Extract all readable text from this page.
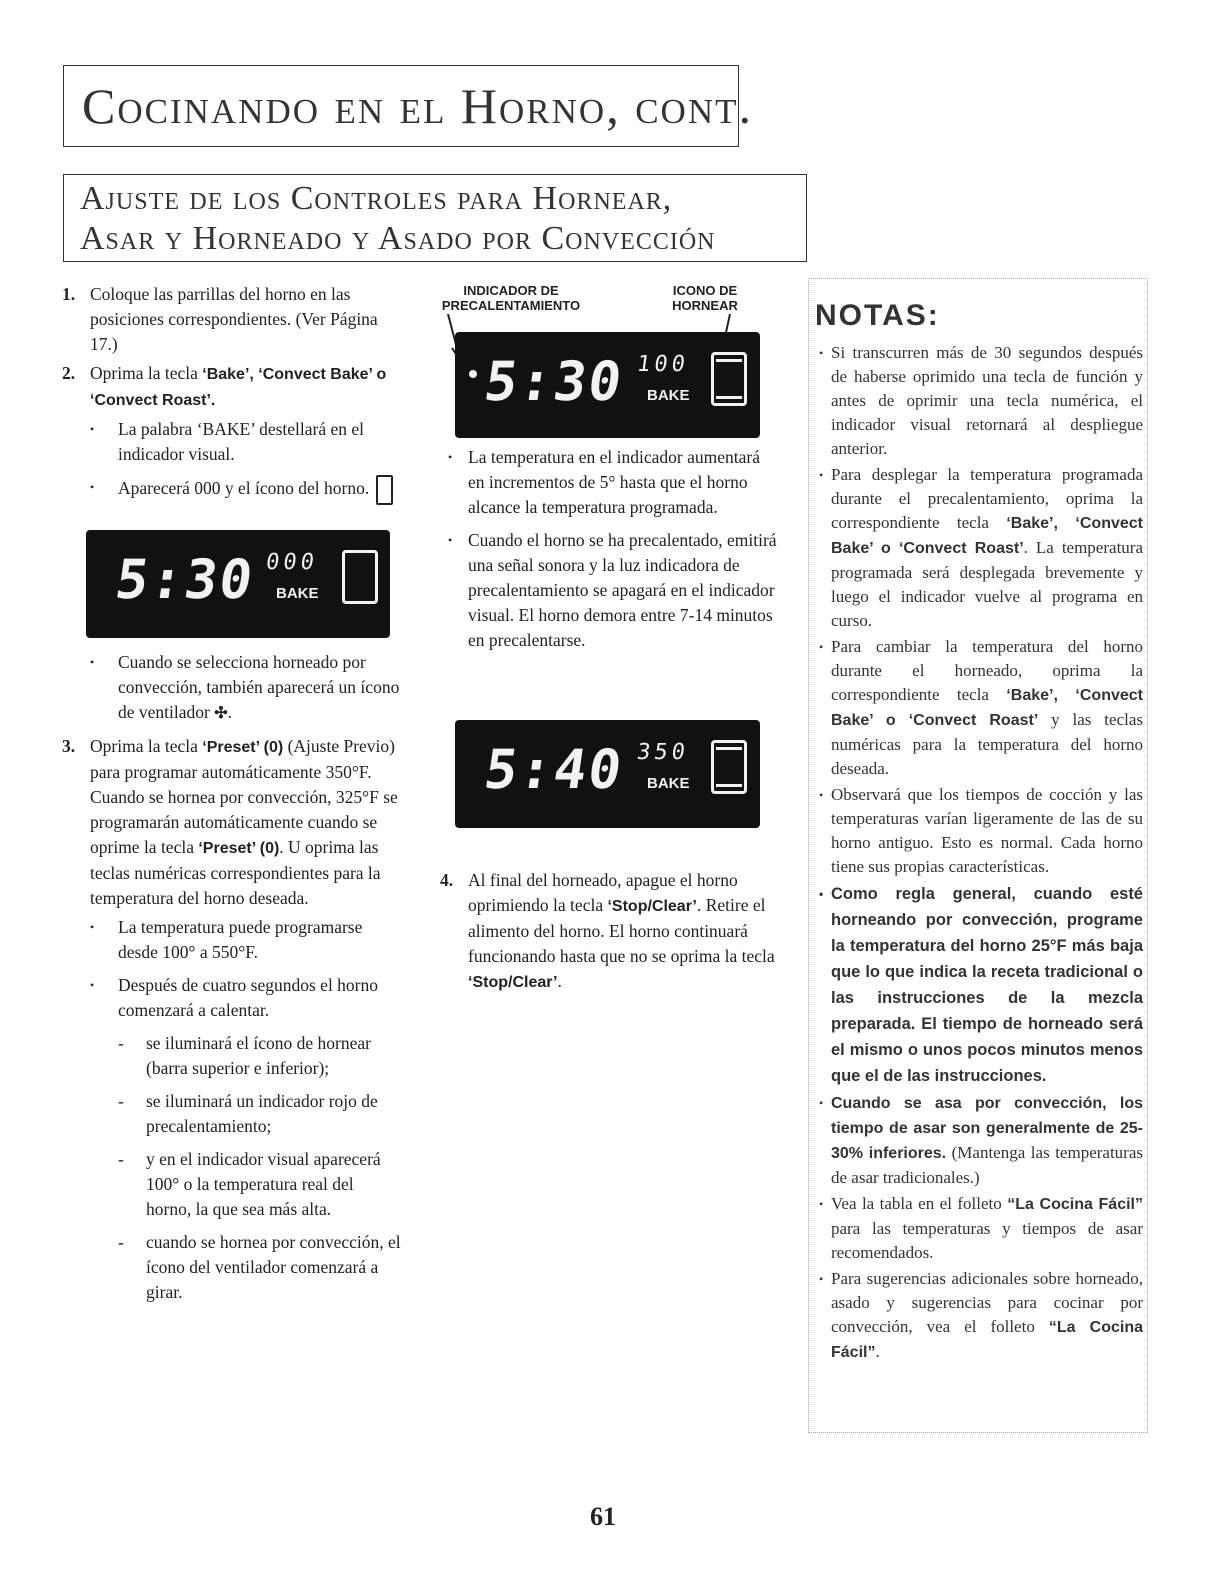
Cocinando en el Horno, cont.
Ajuste de los Controles para Hornear,
Asar y Horneado y Asado por Convección
1. Coloque las parrillas del horno en las posiciones correspondientes. (Ver Página 17.)
2. Oprima la tecla ‘Bake’, ‘Convect Bake’ o ‘Convect Roast’.
• La palabra ‘BAKE’ destellará en el indicador visual.
• Aparecerá 000 y el ícono del horno.
5:30 000
BAKE
• Cuando se selecciona horneado por convección, también aparecerá un ícono de ventilador ✣.
3. Oprima la tecla ‘Preset’ (0) (Ajuste Previo) para programar automáticamente 350°F. Cuando se hornea por convección, 325°F se programarán automáticamente cuando se oprime la tecla ‘Preset’ (0). U oprima las teclas numéricas correspondientes para la temperatura del horno deseada.
• La temperatura puede programarse desde 100° a 550°F.
• Después de cuatro segundos el horno comenzará a calentar.
- se iluminará el ícono de hornear (barra superior e inferior);
- se iluminará un indicador rojo de precalentamiento;
- y en el indicador visual aparecerá 100° o la temperatura real del horno, la que sea más alta.
- cuando se hornea por convección, el ícono del ventilador comenzará a girar.
INDICADOR DE PRECALENTAMIENTO
ICONO DE HORNEAR
5:30 100
BAKE
• La temperatura en el indicador aumentará en incrementos de 5° hasta que el horno alcance la temperatura programada.
• Cuando el horno se ha precalentado, emitirá una señal sonora y la luz indicadora de precalentamiento se apagará en el indicador visual. El horno demora entre 7-14 minutos en precalentarse.
5:40 350
BAKE
4. Al final del horneado, apague el horno oprimiendo la tecla ‘Stop/Clear’. Retire el alimento del horno. El horno continuará funcionando hasta que no se oprima la tecla ‘Stop/Clear’.
NOTAS:
• Si transcurren más de 30 segundos después de haberse oprimido una tecla de función y antes de oprimir una tecla numérica, el indicador visual retornará al despliegue anterior.
• Para desplegar la temperatura programada durante el precalentamiento, oprima la correspondiente tecla ‘Bake’, ‘Convect Bake’ o ‘Convect Roast’. La temperatura programada será desplegada brevemente y luego el indicador vuelve al programa en curso.
• Para cambiar la temperatura del horno durante el horneado, oprima la correspondiente tecla ‘Bake’, ‘Convect Bake’ o ‘Convect Roast’ y las teclas numéricas para la temperatura del horno deseada.
• Observará que los tiempos de cocción y las temperaturas varían ligeramente de las de su horno antiguo. Esto es normal. Cada horno tiene sus propias características.
• Como regla general, cuando esté horneando por convección, programe la temperatura del horno 25°F más baja que lo que indica la receta tradicional o las instrucciones de la mezcla preparada. El tiempo de horneado será el mismo o unos pocos minutos menos que el de las instrucciones.
• Cuando se asa por convección, los tiempo de asar son generalmente de 25-30% inferiores. (Mantenga las temperaturas de asar tradicionales.)
• Vea la tabla en el folleto “La Cocina Fácil” para las temperaturas y tiempos de asar recomendados.
• Para sugerencias adicionales sobre horneado, asado y sugerencias para cocinar por convección, vea el folleto “La Cocina Fácil”.
61
